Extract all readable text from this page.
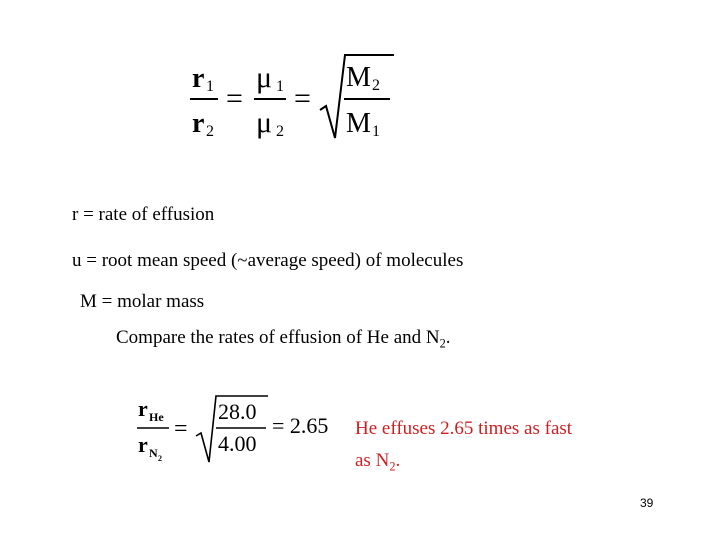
r 1
r 2
=
μ 1
μ 2
=
M 2
M 1
r = rate of effusion
u = root mean speed (~average speed) of molecules
M = molar mass
Compare the rates of effusion of He and $N_2$.
r He
r N 2
=
28.0
4.00
= 2.65 He effuses 2.65 times as fast
as $N_2$.
39
